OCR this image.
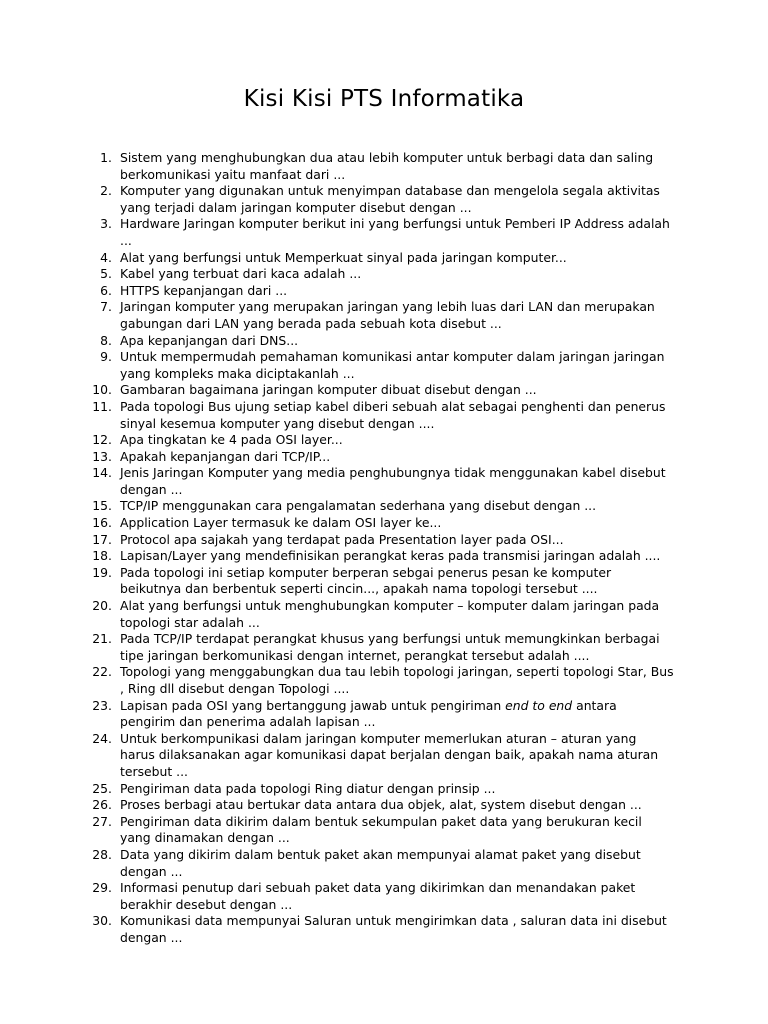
Kisi Kisi PTS Informatika
1. Sistem yang menghubungkan dua atau lebih komputer untuk berbagi data dan saling berkomunikasi yaitu manfaat dari ...
2. Komputer yang digunakan untuk menyimpan database dan mengelola segala aktivitas yang terjadi dalam jaringan komputer disebut dengan ...
3. Hardware Jaringan komputer berikut ini yang berfungsi untuk Pemberi IP Address adalah ...
4. Alat yang berfungsi untuk Memperkuat sinyal pada jaringan komputer...
5. Kabel yang terbuat dari kaca adalah ...
6. HTTPS kepanjangan dari ...
7. Jaringan komputer yang merupakan jaringan yang lebih luas dari LAN dan merupakan gabungan dari LAN yang berada pada sebuah kota disebut ...
8. Apa kepanjangan dari DNS...
9. Untuk mempermudah pemahaman komunikasi antar komputer dalam jaringan jaringan yang kompleks maka diciptakanlah ...
10. Gambaran bagaimana jaringan komputer dibuat disebut dengan ...
11. Pada topologi Bus ujung setiap kabel diberi sebuah alat sebagai penghenti dan penerus sinyal kesemua komputer yang disebut dengan ....
12. Apa tingkatan ke 4 pada OSI layer...
13. Apakah kepanjangan dari TCP/IP...
14. Jenis Jaringan Komputer yang media penghubungnya tidak menggunakan kabel disebut dengan ...
15. TCP/IP menggunakan cara pengalamatan sederhana yang disebut dengan ...
16. Application Layer termasuk ke dalam OSI layer ke...
17. Protocol apa sajakah yang terdapat pada Presentation layer pada OSI...
18. Lapisan/Layer yang mendefinisikan perangkat keras pada transmisi jaringan adalah ....
19. Pada topologi ini setiap komputer berperan sebgai penerus pesan ke komputer beikutnya dan berbentuk seperti cincin..., apakah nama topologi tersebut ....
20. Alat yang berfungsi untuk menghubungkan komputer – komputer dalam jaringan pada topologi star adalah ...
21. Pada TCP/IP terdapat perangkat khusus yang berfungsi untuk memungkinkan berbagai tipe jaringan berkomunikasi dengan internet, perangkat tersebut adalah ....
22. Topologi yang menggabungkan dua tau lebih topologi jaringan, seperti topologi Star, Bus , Ring dll disebut dengan Topologi ....
23. Lapisan pada OSI yang bertanggung jawab untuk pengiriman end to end antara pengirim dan penerima adalah lapisan ...
24. Untuk berkompunikasi dalam jaringan komputer memerlukan aturan – aturan yang harus dilaksanakan agar komunikasi dapat berjalan dengan baik, apakah nama aturan tersebut ...
25. Pengiriman data pada topologi Ring diatur dengan prinsip ...
26. Proses berbagi atau bertukar data antara dua objek, alat, system disebut dengan ...
27. Pengiriman data dikirim dalam bentuk sekumpulan paket data yang berukuran kecil yang dinamakan dengan ...
28. Data yang dikirim dalam bentuk paket akan mempunyai alamat paket yang disebut dengan ...
29. Informasi penutup dari sebuah paket data yang dikirimkan dan menandakan paket berakhir desebut dengan ...
30. Komunikasi data mempunyai Saluran untuk mengirimkan data , saluran data ini disebut dengan ...
